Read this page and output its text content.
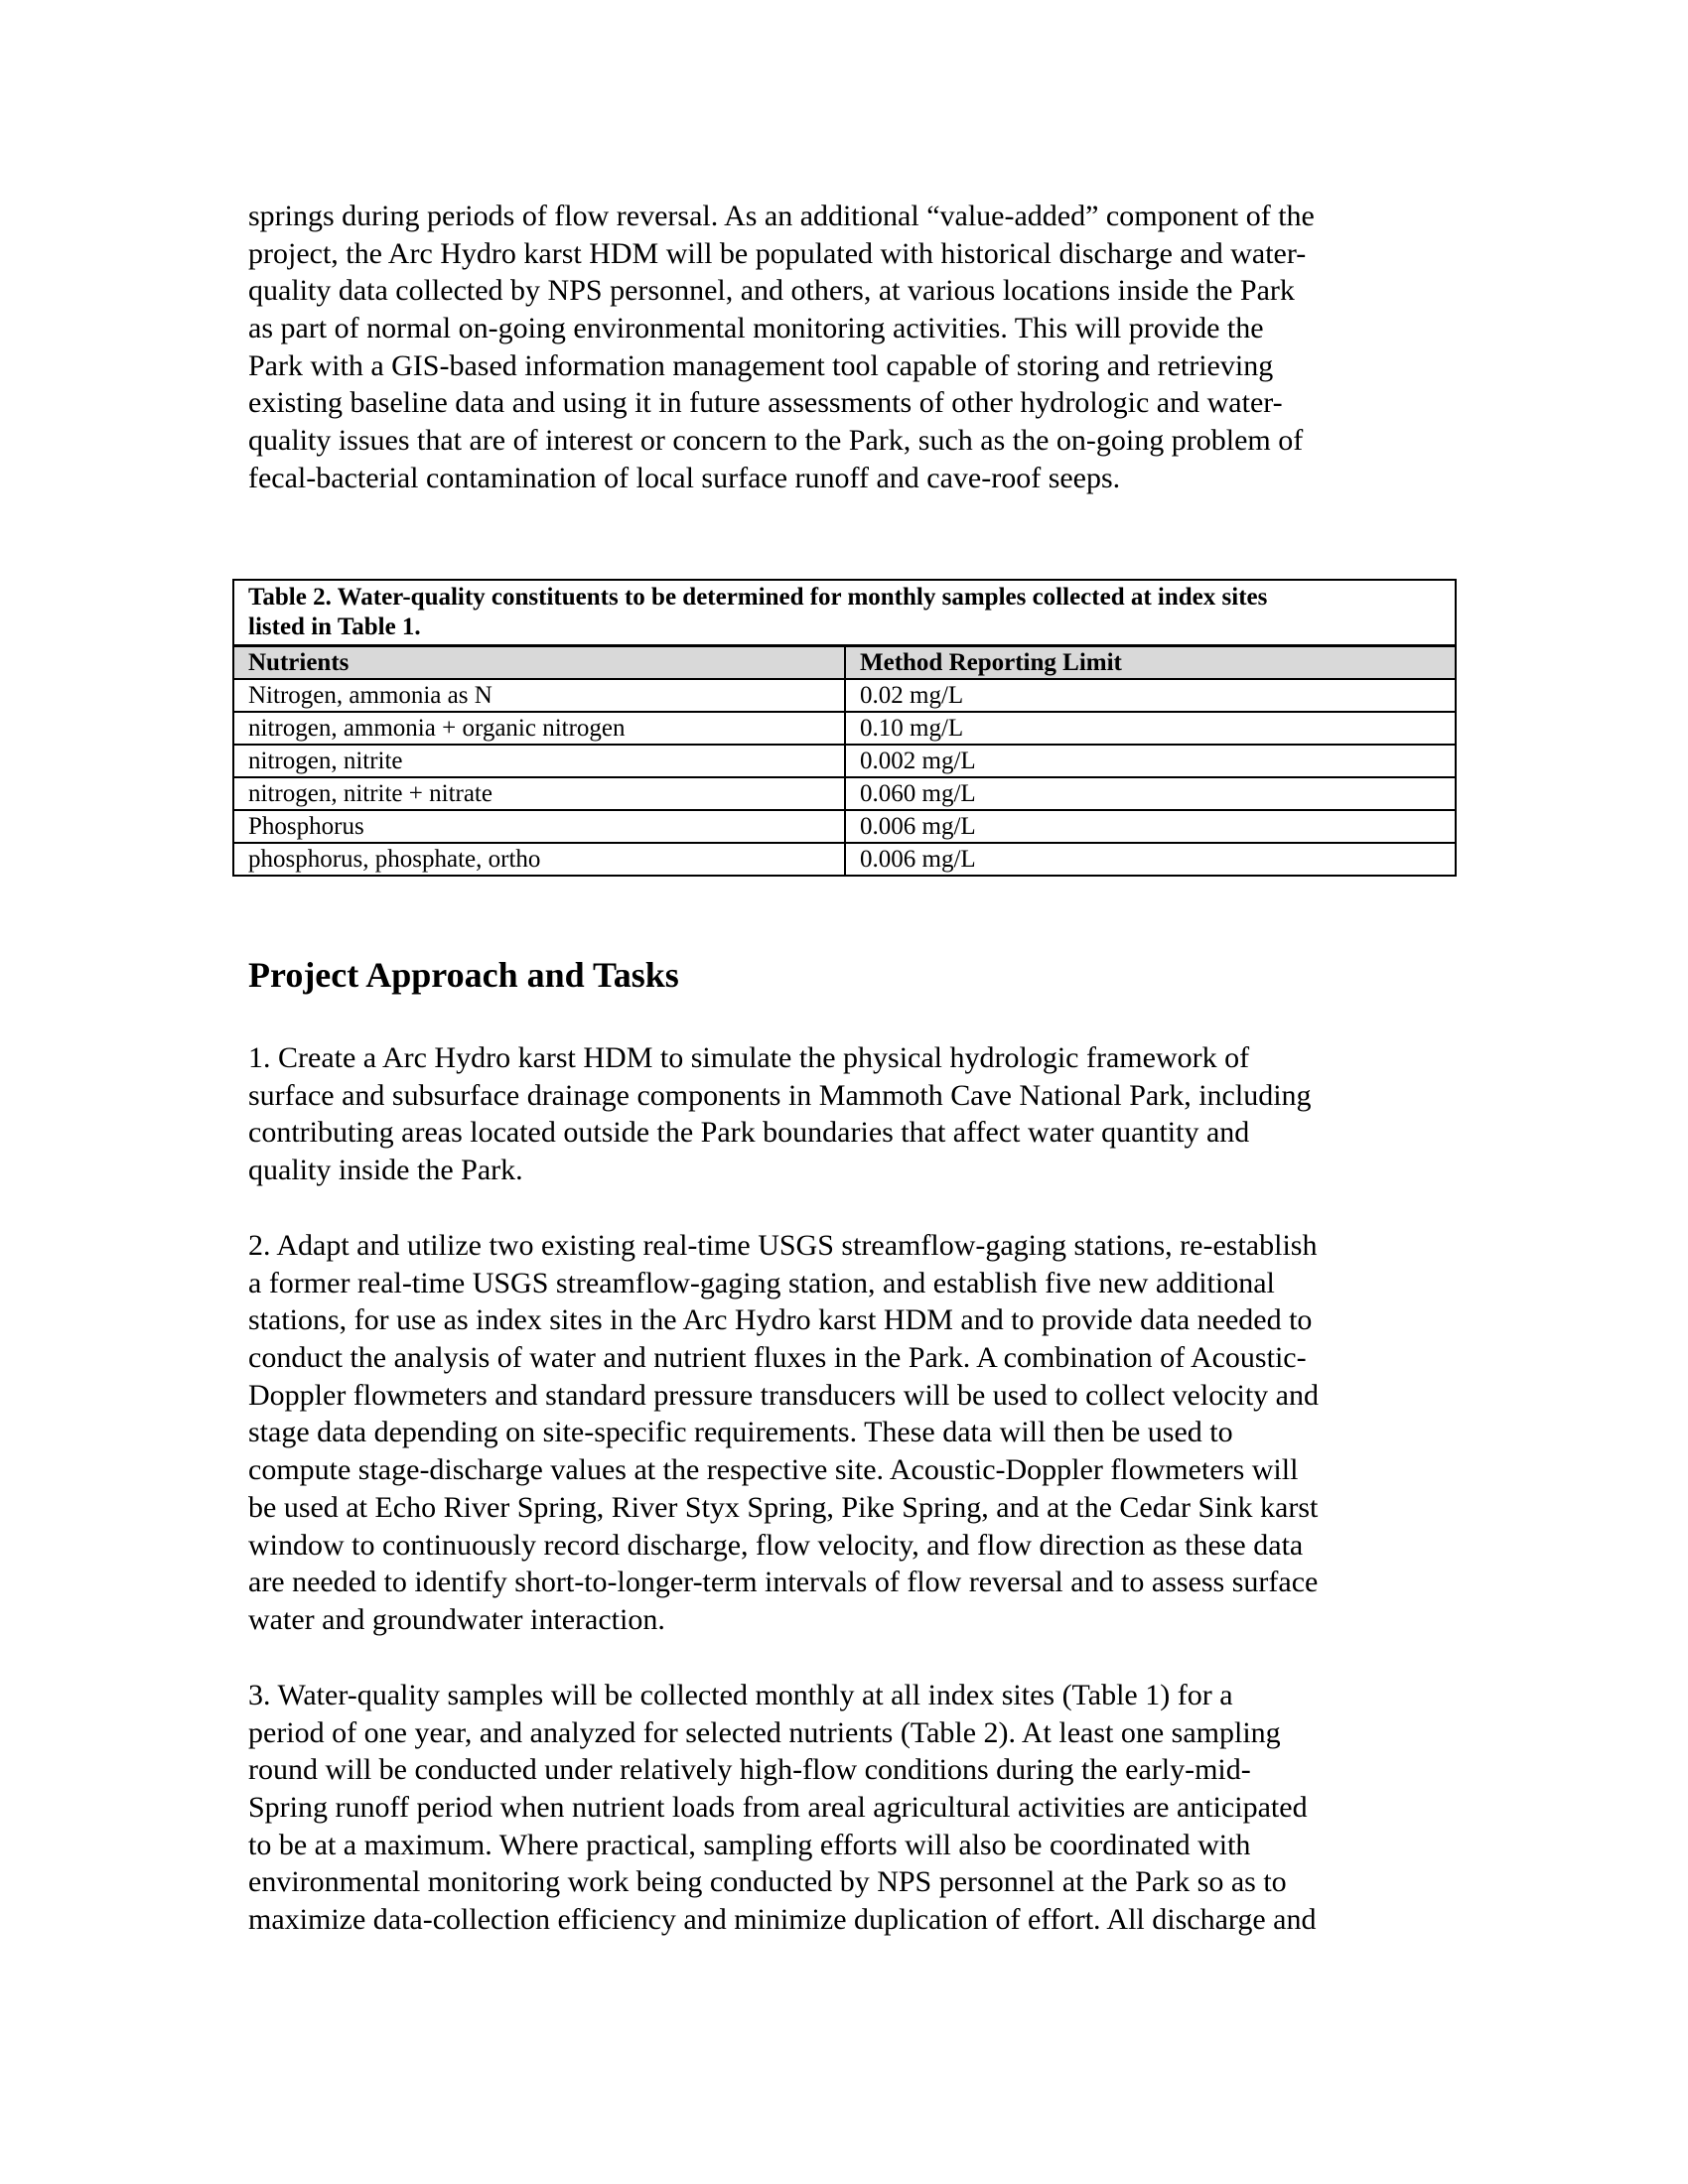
springs during periods of flow reversal. As an additional “value-added” component of the
project, the Arc Hydro karst HDM will be populated with historical discharge and water-
quality data collected by NPS personnel, and others, at various locations inside the Park
as part of normal on-going environmental monitoring activities. This will provide the
Park with a GIS-based information management tool capable of storing and retrieving
existing baseline data and using it in future assessments of other hydrologic and water-
quality issues that are of interest or concern to the Park, such as the on-going problem of
fecal-bacterial contamination of local surface runoff and cave-roof seeps.
Table 2. Water-quality constituents to be determined for monthly samples collected at index sites
listed in Table 1.	

Nutrients	Method Reporting Limit
Nitrogen, ammonia as N	0.02 mg/L
nitrogen, ammonia + organic nitrogen	0.10 mg/L
nitrogen, nitrite	0.002 mg/L
nitrogen, nitrite + nitrate	0.060 mg/L
Phosphorus	0.006 mg/L
phosphorus, phosphate, ortho	0.006 mg/L
Project Approach and Tasks
1. Create a Arc Hydro karst HDM to simulate the physical hydrologic framework of
surface and subsurface drainage components in Mammoth Cave National Park, including
contributing areas located outside the Park boundaries that affect water quantity and
quality inside the Park.
2. Adapt and utilize two existing real-time USGS streamflow-gaging stations, re-establish
a former real-time USGS streamflow-gaging station, and establish five new additional
stations, for use as index sites in the Arc Hydro karst HDM and to provide data needed to
conduct the analysis of water and nutrient fluxes in the Park. A combination of Acoustic-
Doppler flowmeters and standard pressure transducers will be used to collect velocity and
stage data depending on site-specific requirements. These data will then be used to
compute stage-discharge values at the respective site. Acoustic-Doppler flowmeters will
be used at Echo River Spring, River Styx Spring, Pike Spring, and at the Cedar Sink karst
window to continuously record discharge, flow velocity, and flow direction as these data
are needed to identify short-to-longer-term intervals of flow reversal and to assess surface
water and groundwater interaction.
3. Water-quality samples will be collected monthly at all index sites (Table 1) for a
period of one year, and analyzed for selected nutrients (Table 2). At least one sampling
round will be conducted under relatively high-flow conditions during the early-mid-
Spring runoff period when nutrient loads from areal agricultural activities are anticipated
to be at a maximum. Where practical, sampling efforts will also be coordinated with
environmental monitoring work being conducted by NPS personnel at the Park so as to
maximize data-collection efficiency and minimize duplication of effort. All discharge and
